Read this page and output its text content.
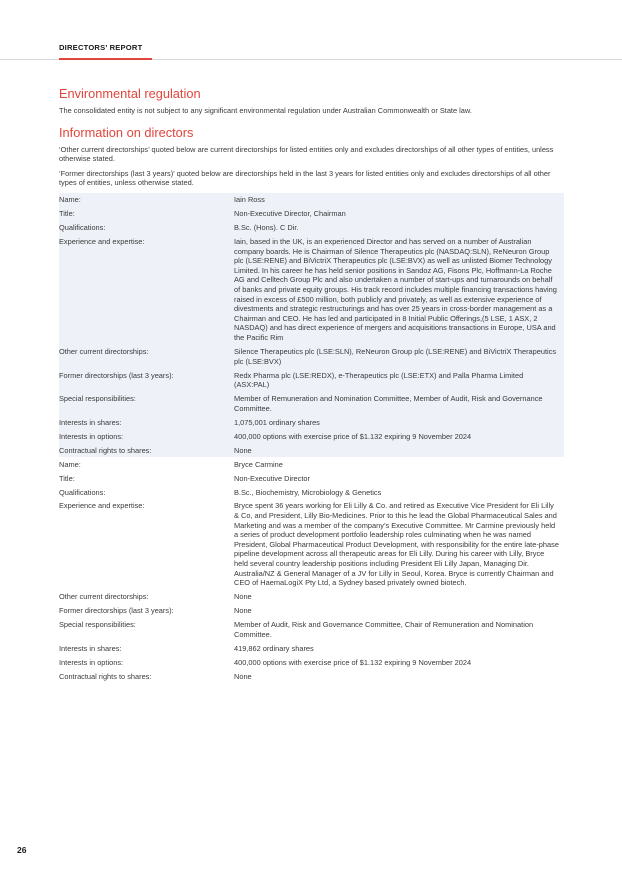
DIRECTORS’ REPORT
Environmental regulation

The consolidated entity is not subject to any significant environmental regulation under Australian Commonwealth or State law.

Information on directors

‘Other current directorships’ quoted below are current directorships for listed entities only and excludes directorships of all other types of entities, unless otherwise stated.

‘Former directorships (last 3 years)’ quoted below are directorships held in the last 3 years for listed entities only and excludes directorships of all other types of entities, unless otherwise stated.

Name:	Iain Ross
Title:	Non-Executive Director, Chairman
Qualifications:	B.Sc. (Hons). C Dir.
Experience and expertise:	Iain, based in the UK, is an experienced Director and has served on a number of Australian company boards. He is Chairman of Silence Therapeutics plc (NASDAQ:SLN), ReNeuron Group plc (LSE:RENE) and BiVictriX Therapeutics plc (LSE:BVX) as well as unlisted Biomer Technology Limited. In his career he has held senior positions in Sandoz AG, Fisons Plc, Hoffmann-La Roche AG and Celltech Group Plc and also undertaken a number of start-ups and turnarounds on behalf of banks and private equity groups. His track record includes multiple financing transactions having raised in excess of £500 million, both publicly and privately, as well as extensive experience of divestments and strategic restructurings and has over 25 years in cross-border management as a Chairman and CEO. He has led and participated in 8 Initial Public Offerings,(5 LSE, 1 ASX, 2 NASDAQ) and has direct experience of mergers and acquisitions transactions in Europe, USA and the Pacific Rim
Other current directorships:	Silence Therapeutics plc (LSE:SLN), ReNeuron Group plc (LSE:RENE) and BiVictriX Therapeutics plc (LSE:BVX)
Former directorships (last 3 years):	Redx Pharma plc (LSE:REDX), e-Therapeutics plc (LSE:ETX) and Palla Pharma Limited (ASX:PAL)
Special responsibilities:	Member of Remuneration and Nomination Committee, Member of Audit, Risk and Governance Committee.
Interests in shares:	1,075,001 ordinary shares
Interests in options:	400,000 options with exercise price of $1.132 expiring 9 November 2024
Contractual rights to shares:	None
Name:	Bryce Carmine
Title:	Non-Executive Director
Qualifications:	B.Sc., Biochemistry, Microbiology & Genetics
Experience and expertise:	Bryce spent 36 years working for Eli Lilly & Co. and retired as Executive Vice President for Eli Lilly & Co, and President, Lilly Bio-Medicines. Prior to this he lead the Global Pharmaceutical Sales and Marketing and was a member of the company’s Executive Committee. Mr Carmine previously held a series of product development portfolio leadership roles culminating when he was named President, Global Pharmaceutical Product Development, with responsibility for the entire late-phase pipeline development across all therapeutic areas for Eli Lilly. During his career with Lilly, Bryce held several country leadership positions including President Eli Lilly Japan, Managing Dir. Australia/NZ & General Manager of a JV for Lilly in Seoul, Korea. Bryce is currently Chairman and CEO of HaemaLogiX Pty Ltd, a Sydney based privately owned biotech.
Other current directorships:	None
Former directorships (last 3 years):	None
Special responsibilities:	Member of Audit, Risk and Governance Committee, Chair of Remuneration and Nomination Committee.
Interests in shares:	419,862 ordinary shares
Interests in options:	400,000 options with exercise price of $1.132 expiring 9 November 2024
Contractual rights to shares:	None
26
